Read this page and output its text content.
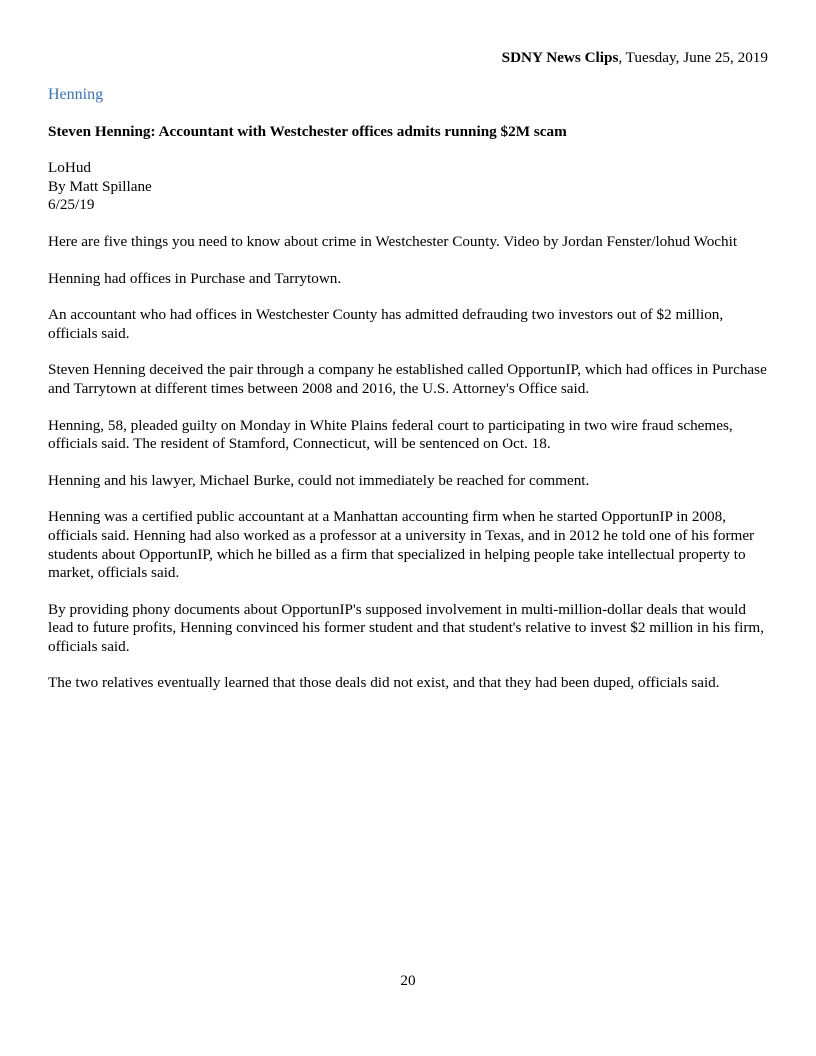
SDNY News Clips, Tuesday, June 25, 2019
Henning
Steven Henning: Accountant with Westchester offices admits running $2M scam
LoHud
By Matt Spillane
6/25/19

Here are five things you need to know about crime in Westchester County. Video by Jordan Fenster/lohud Wochit

Henning had offices in Purchase and Tarrytown.

An accountant who had offices in Westchester County has admitted defrauding two investors out of $2 million, officials said.

Steven Henning deceived the pair through a company he established called OpportunIP, which had offices in Purchase and Tarrytown at different times between 2008 and 2016, the U.S. Attorney's Office said.

Henning, 58, pleaded guilty on Monday in White Plains federal court to participating in two wire fraud schemes, officials said. The resident of Stamford, Connecticut, will be sentenced on Oct. 18.

Henning and his lawyer, Michael Burke, could not immediately be reached for comment.

Henning was a certified public accountant at a Manhattan accounting firm when he started OpportunIP in 2008, officials said. Henning had also worked as a professor at a university in Texas, and in 2012 he told one of his former students about OpportunIP, which he billed as a firm that specialized in helping people take intellectual property to market, officials said.

By providing phony documents about OpportunIP's supposed involvement in multi-million-dollar deals that would lead to future profits, Henning convinced his former student and that student's relative to invest $2 million in his firm, officials said.

The two relatives eventually learned that those deals did not exist, and that they had been duped, officials said.

20
